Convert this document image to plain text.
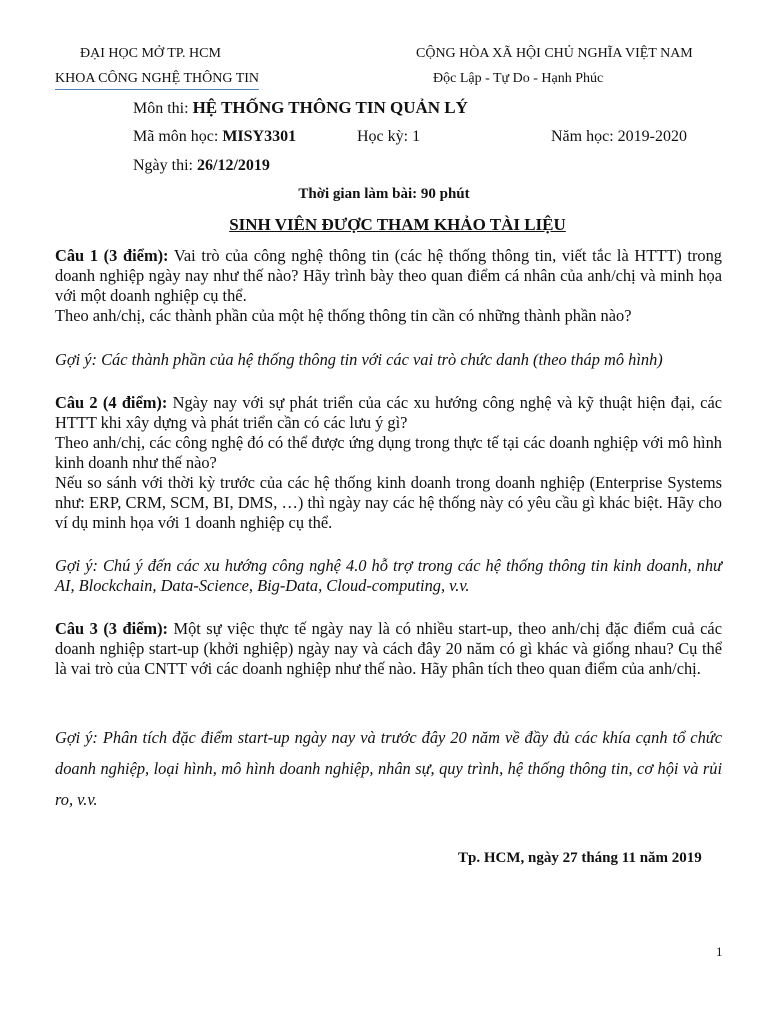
ĐẠI HỌC MỞ TP. HCM
KHOA CÔNG NGHỆ THÔNG TIN
CỘNG HÒA XÃ HỘI CHỦ NGHĨA VIỆT NAM
Độc Lập - Tự Do - Hạnh Phúc
Môn thi: HỆ THỐNG THÔNG TIN QUẢN LÝ
Mã môn học: MISY3301	Học kỳ: 1	Năm học: 2019-2020
Ngày thi: 26/12/2019
Thời gian làm bài: 90 phút
SINH VIÊN ĐƯỢC THAM KHẢO TÀI LIỆU

Câu 1 (3 điểm): Vai trò của công nghệ thông tin (các hệ thống thông tin, viết tắc là HTTT) trong doanh nghiệp ngày nay như thế nào? Hãy trình bày theo quan điểm cá nhân của anh/chị và minh họa với một doanh nghiệp cụ thể.

Theo anh/chị, các thành phần của một hệ thống thông tin cần có những thành phần nào?

Gợi ý: Các thành phần của hệ thống thông tin với các vai trò chức danh (theo tháp mô hình)

Câu 2 (4 điểm): Ngày nay với sự phát triển của các xu hướng công nghệ và kỹ thuật hiện đại, các HTTT khi xây dựng và phát triển cần có các lưu ý gì?

Theo anh/chị, các công nghệ đó có thể được ứng dụng trong thực tế tại các doanh nghiệp với mô hình kinh doanh như thế nào?

Nếu so sánh với thời kỳ trước của các hệ thống kinh doanh trong doanh nghiệp (Enterprise Systems như: ERP, CRM, SCM, BI, DMS, …) thì ngày nay các hệ thống này có yêu cầu gì khác biệt. Hãy cho ví dụ minh họa với 1 doanh nghiệp cụ thể.

Gợi ý: Chú ý đến các xu hướng công nghệ 4.0 hỗ trợ trong các hệ thống thông tin kinh doanh, như AI, Blockchain, Data-Science, Big-Data, Cloud-computing, v.v.

Câu 3 (3 điểm): Một sự việc thực tế ngày nay là có nhiều start-up, theo anh/chị đặc điểm cuả các doanh nghiệp start-up (khởi nghiệp) ngày nay và cách đây 20 năm có gì khác và giống nhau? Cụ thể là vai trò của CNTT với các doanh nghiệp như thế nào. Hãy phân tích theo quan điểm của anh/chị.

Gợi ý: Phân tích đặc điểm start-up ngày nay và trước đây 20 năm về đầy đủ các khía cạnh tổ chức doanh nghiệp, loại hình, mô hình doanh nghiệp, nhân sự, quy trình, hệ thống thông tin, cơ hội và rủi ro, v.v.
Tp. HCM, ngày 27 tháng 11 năm 2019
1
